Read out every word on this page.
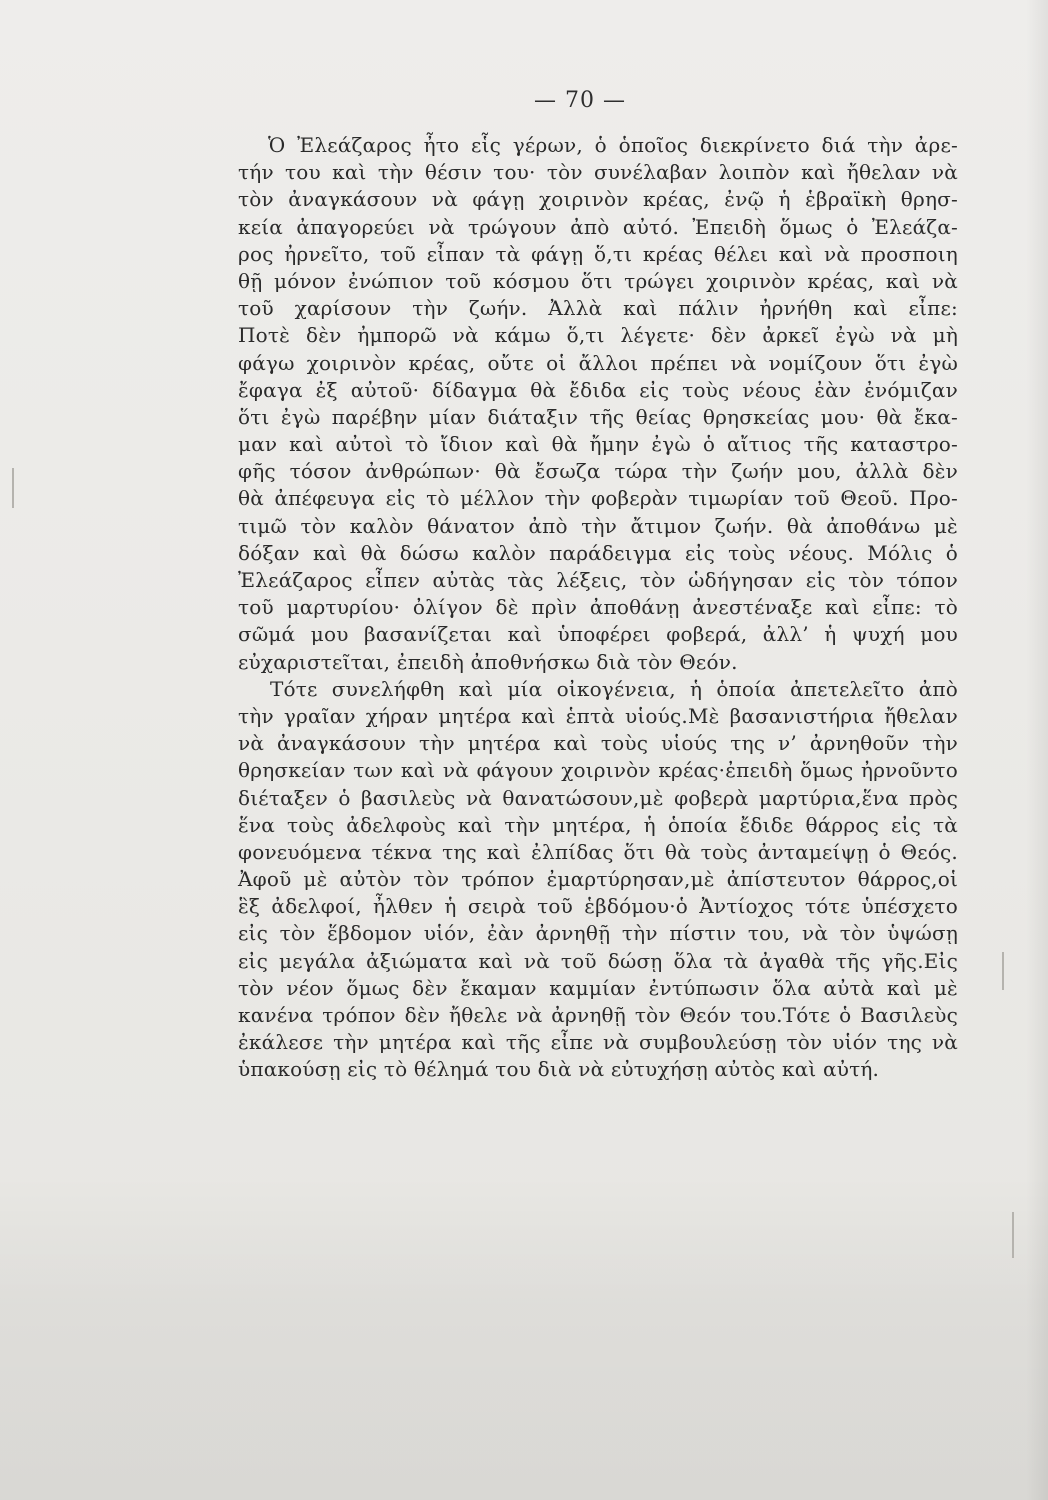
— 70 —
Ὁ Ἐλεάζαρος ἦτο εἷς γέρων, ὁ ὁποῖος διεκρίνετο διά τὴν ἀρε-
τήν του καὶ τὴν θέσιν του· τὸν συνέλαβαν λοιπὸν καὶ ἤθελαν νὰ
τὸν ἀναγκάσουν νὰ φάγῃ χοιρινὸν κρέας, ἐνῷ ἡ ἑβραϊκὴ θρησ-
κεία ἀπαγορεύει νὰ τρώγουν ἀπὸ αὐτό. Ἐπειδὴ ὅμως ὁ Ἐλεάζα-
ρος ἠρνεῖτο, τοῦ εἶπαν τὰ φάγῃ ὅ,τι κρέας θέλει καὶ νὰ προσποιη
θῇ μόνον ἐνώπιον τοῦ κόσμου ὅτι τρώγει χοιρινὸν κρέας, καὶ νὰ
τοῦ χαρίσουν τὴν ζωήν. Ἀλλὰ καὶ πάλιν ἠρνήθη καὶ εἶπε:
Ποτὲ δὲν ἠμπορῶ νὰ κάμω ὅ,τι λέγετε· δὲν ἀρκεῖ ἐγὼ νὰ μὴ
φάγω χοιρινὸν κρέας, οὔτε οἱ ἄλλοι πρέπει νὰ νομίζουν ὅτι ἐγὼ
ἔφαγα ἐξ αὐτοῦ· δίδαγμα θὰ ἔδιδα εἰς τοὺς νέους ἐὰν ἐνόμιζαν
ὅτι ἐγὼ παρέβην μίαν διάταξιν τῆς θείας θρησκείας μου· θὰ ἔκα-
μαν καὶ αὐτοὶ τὸ ἴδιον καὶ θὰ ἤμην ἐγὼ ὁ αἴτιος τῆς καταστρο-
φῆς τόσον ἀνθρώπων· θὰ ἔσωζα τώρα τὴν ζωήν μου, ἀλλὰ δὲν
θὰ ἀπέφευγα εἰς τὸ μέλλον τὴν φοβερὰν τιμωρίαν τοῦ Θεοῦ. Προ-
τιμῶ τὸν καλὸν θάνατον ἀπὸ τὴν ἄτιμον ζωήν. θὰ ἀποθάνω μὲ
δόξαν καὶ θὰ δώσω καλὸν παράδειγμα εἰς τοὺς νέους. Μόλις ὁ
Ἐλεάζαρος εἶπεν αὐτὰς τὰς λέξεις, τὸν ὡδήγησαν εἰς τὸν τόπον
τοῦ μαρτυρίου· ὀλίγον δὲ πρὶν ἀποθάνῃ ἀνεστέναξε καὶ εἶπε: τὸ
σῶμά μου βασανίζεται καὶ ὑποφέρει φοβερά, ἀλλ’ ἡ ψυχή μου
εὐχαριστεῖται, ἐπειδὴ ἀποθνήσκω διὰ τὸν Θεόν.
Τότε συνελήφθη καὶ μία οἰκογένεια, ἡ ὁποία ἀπετελεῖτο ἀπὸ
τὴν γραῖαν χήραν μητέρα καὶ ἑπτὰ υἱούς.Μὲ βασανιστήρια ἤθελαν
νὰ ἀναγκάσουν τὴν μητέρα καὶ τοὺς υἱούς της ν’ ἀρνηθοῦν τὴν
θρησκείαν των καὶ νὰ φάγουν χοιρινὸν κρέας·ἐπειδὴ ὅμως ἠρνοῦντο
διέταξεν ὁ βασιλεὺς νὰ θανατώσουν,μὲ φοβερὰ μαρτύρια,ἕνα πρὸς
ἕνα τοὺς ἀδελφοὺς καὶ τὴν μητέρα, ἡ ὁποία ἔδιδε θάρρος εἰς τὰ
φονευόμενα τέκνα της καὶ ἐλπίδας ὅτι θὰ τοὺς ἀνταμείψῃ ὁ Θεός.
Ἀφοῦ μὲ αὐτὸν τὸν τρόπον ἐμαρτύρησαν,μὲ ἀπίστευτον θάρρος,οἱ
ἓξ ἀδελφοί, ἦλθεν ἡ σειρὰ τοῦ ἑβδόμου·ὁ Ἀντίοχος τότε ὑπέσχετο
εἰς τὸν ἕβδομον υἱόν, ἐὰν ἀρνηθῇ τὴν πίστιν του, νὰ τὸν ὑψώσῃ
εἰς μεγάλα ἀξιώματα καὶ νὰ τοῦ δώσῃ ὅλα τὰ ἀγαθὰ τῆς γῆς.Εἰς
τὸν νέον ὅμως δὲν ἔκαμαν καμμίαν ἐντύπωσιν ὅλα αὐτὰ καὶ μὲ
κανένα τρόπον δὲν ἤθελε νὰ ἀρνηθῇ τὸν Θεόν του.Τότε ὁ Βασιλεὺς
ἐκάλεσε τὴν μητέρα καὶ τῆς εἶπε νὰ συμβουλεύσῃ τὸν υἱόν της νὰ
ὑπακούσῃ εἰς τὸ θέλημά του διὰ νὰ εὐτυχήσῃ αὐτὸς καὶ αὐτή.
